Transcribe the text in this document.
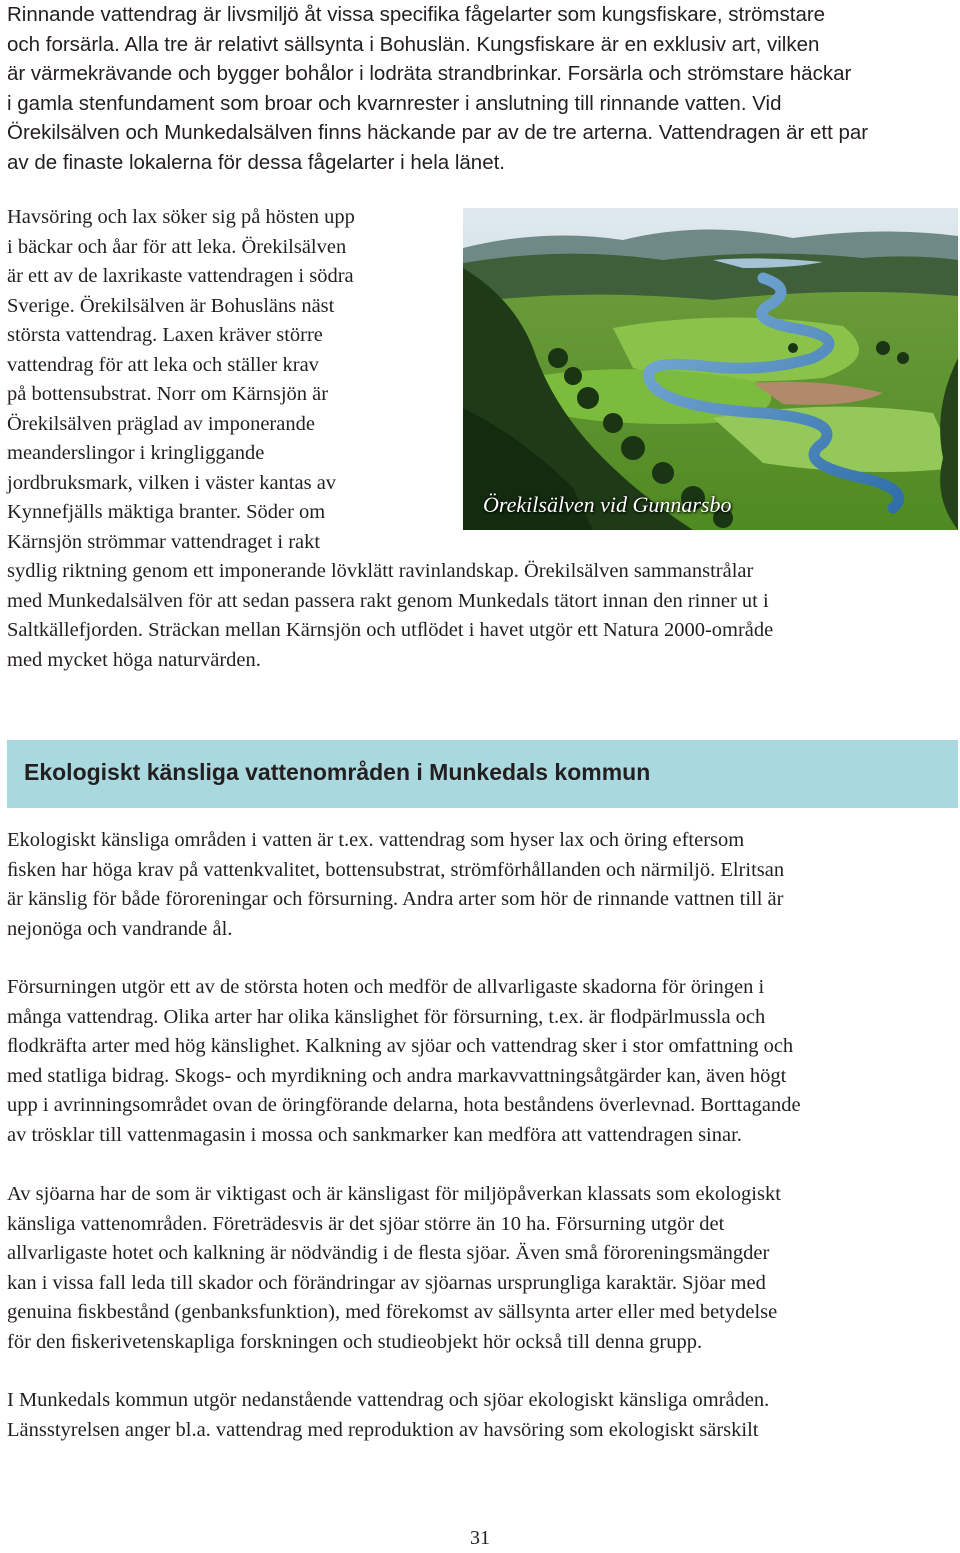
Rinnande vattendrag är livsmiljö åt vissa speciﬁka fågelarter som kungsﬁskare, strömstare
och forsärla. Alla tre är relativt sällsynta i Bohuslän. Kungsﬁskare är en exklusiv art, vilken
är värmekrävande och bygger bohålor i lodräta strandbrinkar. Forsärla och strömstare häckar
i gamla stenfundament som broar och kvarnrester i anslutning till rinnande vatten. Vid
Örekilsälven och Munkedalsälven ﬁnns häckande par av de tre arterna. Vattendragen är ett par
av de ﬁnaste lokalerna för dessa fågelarter i hela länet.
Havsöring och lax söker sig på hösten upp
i bäckar och åar för att leka. Örekilsälven
är ett av de laxrikaste vattendragen i södra
Sverige. Örekilsälven är Bohusläns näst
största vattendrag. Laxen kräver större
vattendrag för att leka och ställer krav
på bottensubstrat. Norr om Kärnsjön är
Örekilsälven präglad av imponerande
meanderslingor i kringliggande
jordbruksmark, vilken i väster kantas av
Kynnefjälls mäktiga branter. Söder om
Kärnsjön strömmar vattendraget i rakt
sydlig riktning genom ett imponerande lövklätt ravinlandskap. Örekilsälven sammanstrålar
med Munkedalsälven för att sedan passera rakt genom Munkedals tätort innan den rinner ut i
Saltkällefjorden. Sträckan mellan Kärnsjön och utﬂödet i havet utgör ett Natura 2000-område
med mycket höga naturvärden.
Örekilsälven vid Gunnarsbo
Ekologiskt känsliga vattenområden i Munkedals kommun
Ekologiskt känsliga områden i vatten är t.ex. vattendrag som hyser lax och öring eftersom
ﬁsken har höga krav på vattenkvalitet, bottensubstrat, strömförhållanden och närmiljö. Elritsan
är känslig för både föroreningar och försurning. Andra arter som hör de rinnande vattnen till är
nejonöga och vandrande ål.
Försurningen utgör ett av de största hoten och medför de allvarligaste skadorna för öringen i
många vattendrag. Olika arter har olika känslighet för försurning, t.ex. är ﬂodpärlmussla och
ﬂodkräfta arter med hög känslighet. Kalkning av sjöar och vattendrag sker i stor omfattning och
med statliga bidrag. Skogs- och myrdikning och andra markavvattningsåtgärder kan, även högt
upp i avrinningsområdet ovan de öringförande delarna, hota beståndens överlevnad. Borttagande
av trösklar till vattenmagasin i mossa och sankmarker kan medföra att vattendragen sinar.
Av sjöarna har de som är viktigast och är känsligast för miljöpåverkan klassats som ekologiskt
känsliga vattenområden. Företrädesvis är det sjöar större än 10 ha. Försurning utgör det
allvarligaste hotet och kalkning är nödvändig i de ﬂesta sjöar. Även små föroreningsmängder
kan i vissa fall leda till skador och förändringar av sjöarnas ursprungliga karaktär. Sjöar med
genuina ﬁskbestånd (genbanksfunktion), med förekomst av sällsynta arter eller med betydelse
för den ﬁskerivetenskapliga forskningen och studieobjekt hör också till denna grupp.
I Munkedals kommun utgör nedanstående vattendrag och sjöar ekologiskt känsliga områden.
Länsstyrelsen anger bl.a. vattendrag med reproduktion av havsöring som ekologiskt särskilt

31
